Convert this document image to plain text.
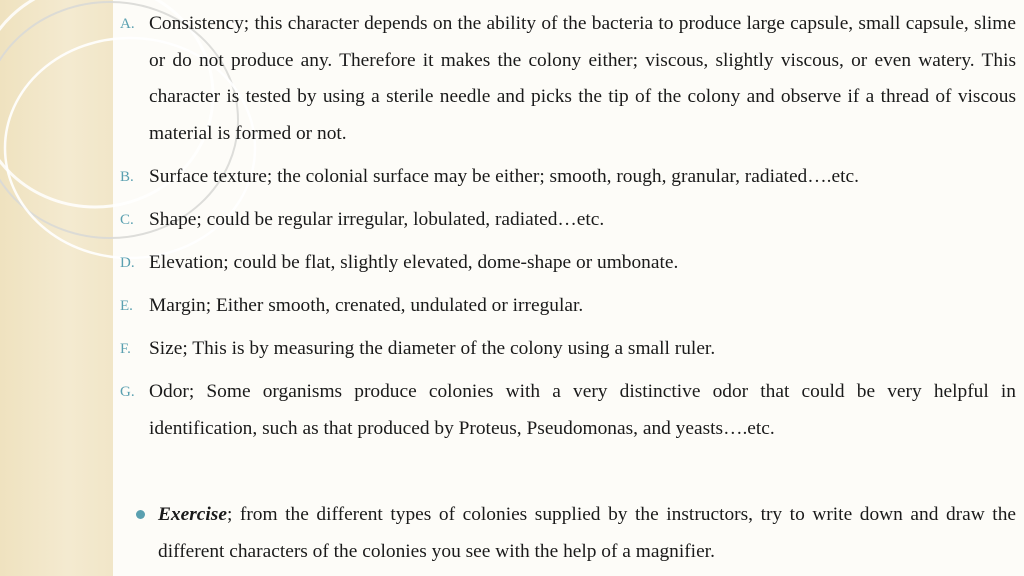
A. Consistency; this character depends on the ability of the bacteria to produce large capsule, small capsule, slime or do not produce any. Therefore it makes the colony either; viscous, slightly viscous, or even watery. This character is tested by using a sterile needle and picks the tip of the colony and observe if a thread of viscous material is formed or not.
B. Surface texture; the colonial surface may be either; smooth, rough, granular, radiated….etc.
C. Shape; could be regular irregular, lobulated, radiated…etc.
D. Elevation; could be flat, slightly elevated, dome-shape or umbonate.
E. Margin; Either smooth, crenated, undulated or irregular.
F. Size; This is by measuring the diameter of the colony using a small ruler.
G. Odor; Some organisms produce colonies with a very distinctive odor that could be very helpful in identification, such as that produced by Proteus, Pseudomonas, and yeasts….etc.
Exercise; from the different types of colonies supplied by the instructors, try to write down and draw the different characters of the colonies you see with the help of a magnifier.
